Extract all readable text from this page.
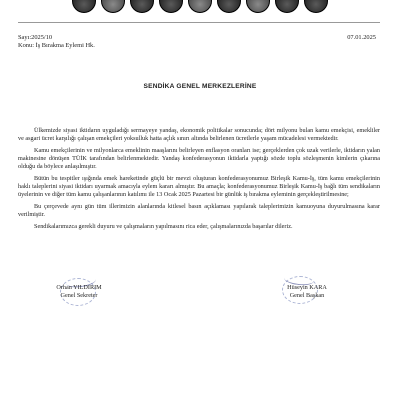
Sayı:2025/10
Konu: İş Bırakma Eylemi Hk.
07.01.2025
SENDİKA GENEL MERKEZLERİNE

Ülkemizde siyasi iktidarın uyguladığı sermayeye yandaş, ekonomik politikalar sonucunda; dört milyonu bulan kamu emekçisi, emekliler ve asgari ücret karşılığı çalışan emekçileri yoksulluk hatta açlık sınırı altında belirlenen ücretlerle yaşam mücadelesi vermektedir.

Kamu emekçilerinin ve milyonlarca emeklinin maaşlarını belirleyen enflasyon oranları ise; gerçeklerden çok uzak verilerle, iktidarın yalan makinesine dönüşen TÜİK tarafından belirlenmektedir. Yandaş konfederasyonun iktidarla yaptığı sözde toplu sözleşmenin kimlerin çıkarına olduğu da böylece anlaşılmıştır.

Bütün bu tespitler ışığında emek hareketinde güçlü bir mevzi oluşturan konfederasyonumuz Birleşik Kamu-İş, tüm kamu emekçilerinin haklı taleplerini siyasi iktidarı uyarmak amacıyla eylem kararı almıştır. Bu amaçla; konfederasyonumuz Birleşik Kamu-İş bağlı tüm sendikaların üyelerinin ve diğer tüm kamu çalışanlarının katılımı ile 13 Ocak 2025 Pazartesi bir günlük iş bırakma eyleminin gerçekleştirilmesine;

Bu çerçevede aynı gün tüm illerimizin alanlarında kitlesel basın açıklaması yapılarak taleplerimizin kamuoyuna duyurulmasına karar verilmiştir.

Sendikalarımızca gerekli duyuru ve çalışmaların yapılmasını rica eder, çalışmalarınızda başarılar dileriz.

Orhan YILDIRIM
Genel Sekreter
Hüseyin KARA
Genel Başkan
